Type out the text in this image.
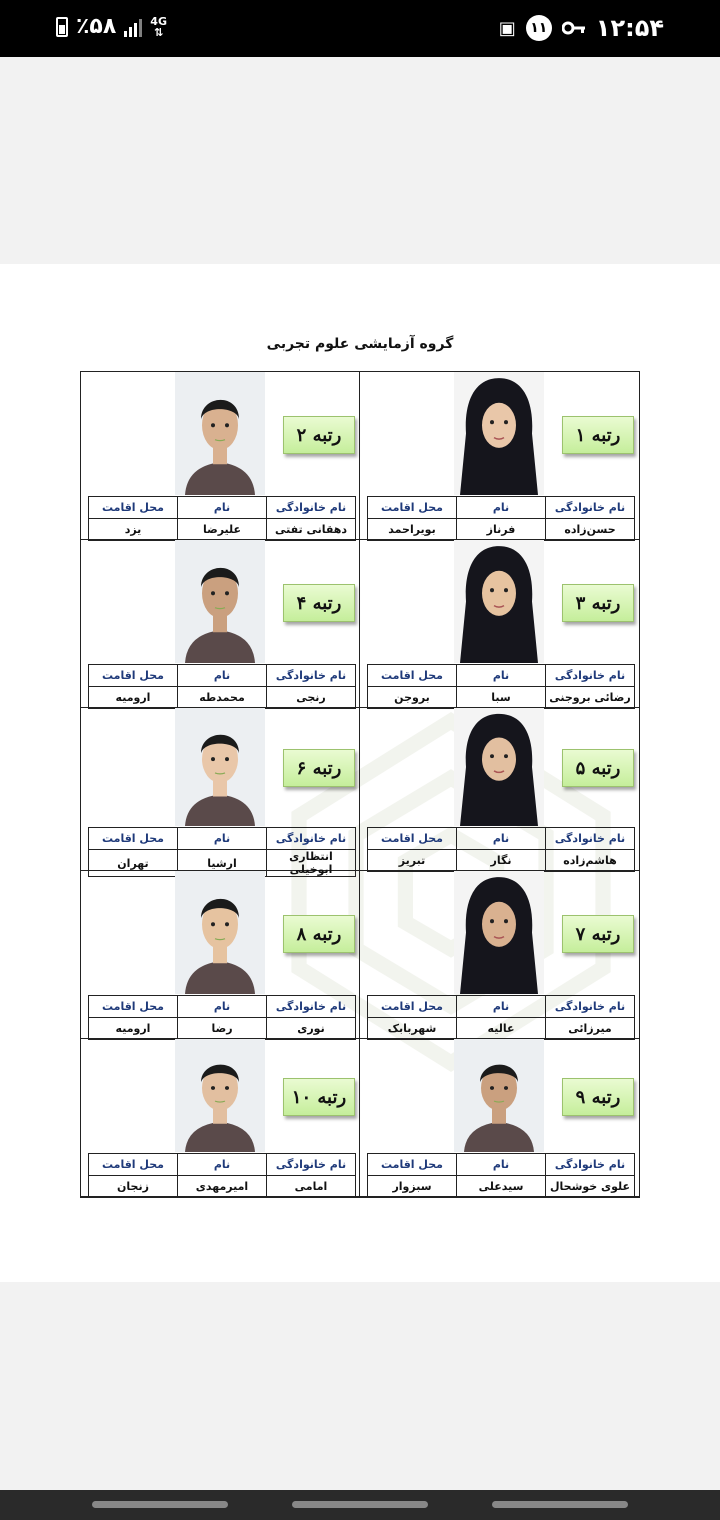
٪۵۸	4G
⇅	▣	۱۱ ۱۲:۵۴
گروه آزمایشی علوم تجربی
رتبه ۱
نام خانوادگی	نام	محل اقامت
حسن‌زاده	فرناز	بویراحمد
رتبه ۲
نام خانوادگی	نام	محل اقامت
دهقانی تفتی	علیرضا	یزد
رتبه ۳
نام خانوادگی	نام	محل اقامت
رضائی بروجنی	سبا	بروجن
رتبه ۴
نام خانوادگی	نام	محل اقامت
رنجی	محمدطه	ارومیه
رتبه ۵
نام خانوادگی	نام	محل اقامت
هاشم‌زاده	نگار	تبریز
رتبه ۶
نام خانوادگی	نام	محل اقامت
انتظاری ابوخیلی	ارشیا	تهران
رتبه ۷
نام خانوادگی	نام	محل اقامت
میرزائی	عالیه	شهربابک
رتبه ۸
نام خانوادگی	نام	محل اقامت
نوری	رضا	ارومیه
رتبه ۹
نام خانوادگی	نام	محل اقامت
علوی خوشحال	سیدعلی	سبزوار
رتبه ۱۰
نام خانوادگی	نام	محل اقامت
امامی	امیرمهدی	زنجان
